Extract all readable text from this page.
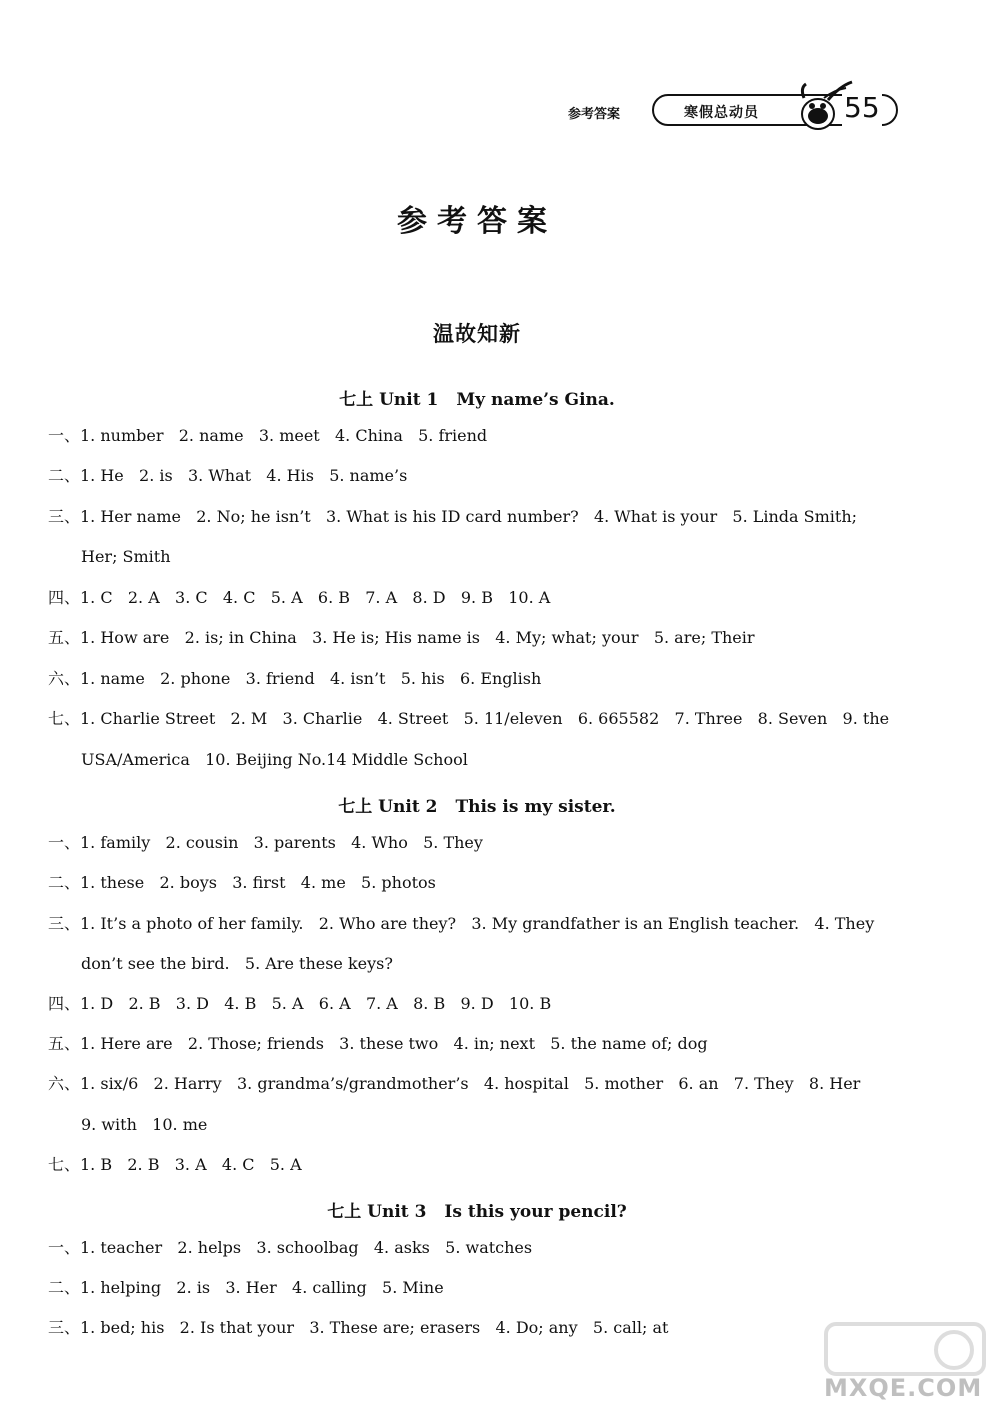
参考答案	寒假总动员	55
参考答案
温故知新
七上 Unit 1 My name’s Gina.
一、1. number   2. name   3. meet   4. China   5. friend
二、1. He   2. is   3. What   4. His   5. name’s
三、1. Her name   2. No; he isn’t   3. What is his ID card number?   4. What is your   5. Linda Smith;
Her; Smith
四、1. C   2. A   3. C   4. C   5. A   6. B   7. A   8. D   9. B   10. A
五、1. How are   2. is; in China   3. He is; His name is   4. My; what; your   5. are; Their
六、1. name   2. phone   3. friend   4. isn’t   5. his   6. English
七、1. Charlie Street   2. M   3. Charlie   4. Street   5. 11/eleven   6. 665582   7. Three   8. Seven   9. the
USA/America   10. Beijing No.14 Middle School
七上 Unit 2 This is my sister.
一、1. family   2. cousin   3. parents   4. Who   5. They
二、1. these   2. boys   3. first   4. me   5. photos
三、1. It’s a photo of her family.   2. Who are they?   3. My grandfather is an English teacher.   4. They
don’t see the bird.   5. Are these keys?
四、1. D   2. B   3. D   4. B   5. A   6. A   7. A   8. B   9. D   10. B
五、1. Here are   2. Those; friends   3. these two   4. in; next   5. the name of; dog
六、1. six/6   2. Harry   3. grandma’s/grandmother’s   4. hospital   5. mother   6. an   7. They   8. Her
9. with   10. me
七、1. B   2. B   3. A   4. C   5. A
七上 Unit 3 Is this your pencil?
一、1. teacher   2. helps   3. schoolbag   4. asks   5. watches
二、1. helping   2. is   3. Her   4. calling   5. Mine
三、1. bed; his   2. Is that your   3. These are; erasers   4. Do; any   5. call; at
MXQE.COM
